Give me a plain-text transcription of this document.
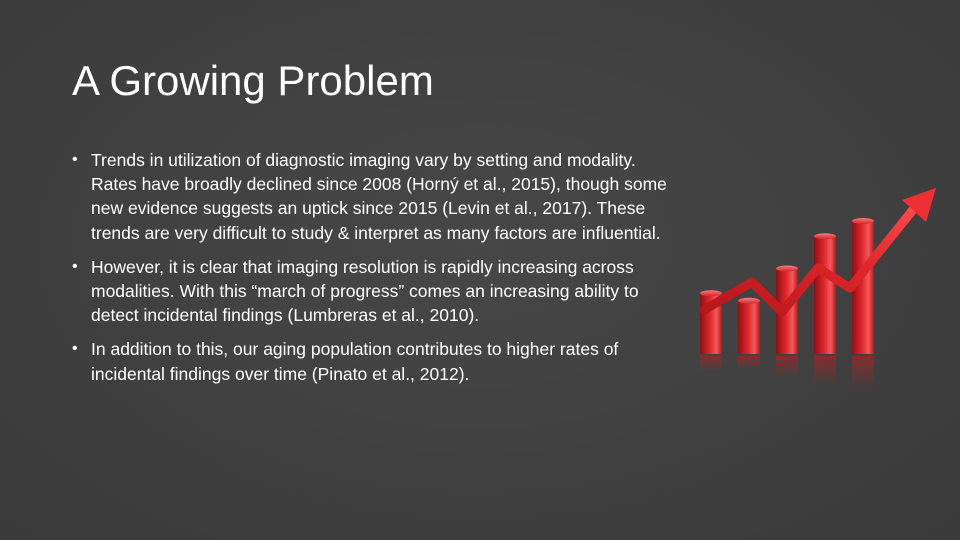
A Growing Problem
• Trends in utilization of diagnostic imaging vary by setting and modality. Rates have broadly declined since 2008 (Horný et al., 2015), though some new evidence suggests an uptick since 2015 (Levin et al., 2017). These trends are very difficult to study & interpret as many factors are influential.
• However, it is clear that imaging resolution is rapidly increasing across modalities. With this “march of progress” comes an increasing ability to detect incidental findings (Lumbreras et al., 2010).
• In addition to this, our aging population contributes to higher rates of incidental findings over time (Pinato et al., 2012).
